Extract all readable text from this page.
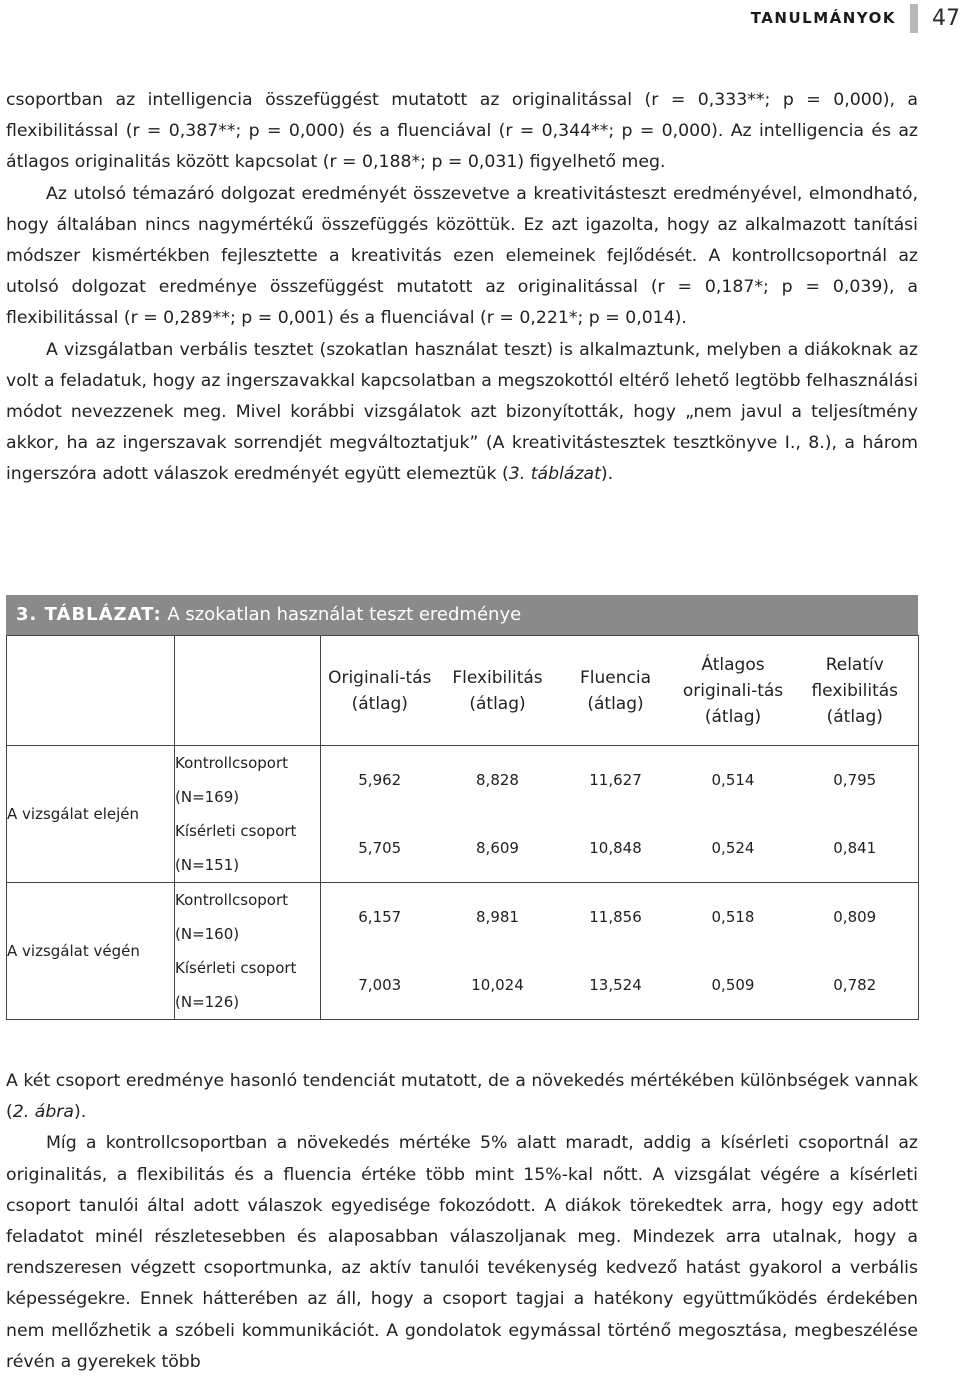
TANULMÁNYOK 47

csoportban az intelligencia összefüggést mutatott az originalitással (r = 0,333**; p = 0,000), a flexibilitással (r = 0,387**; p = 0,000) és a fluenciával (r = 0,344**; p = 0,000). Az intelligencia és az átlagos originalitás között kapcsolat (r = 0,188*; p = 0,031) figyelhető meg.

Az utolsó témazáró dolgozat eredményét összevetve a kreativitásteszt eredményével, elmondható, hogy általában nincs nagymértékű összefüggés közöttük. Ez azt igazolta, hogy az alkalmazott tanítási módszer kismértékben fejlesztette a kreativitás ezen elemeinek fejlődését. A kontrollcsoportnál az utolsó dolgozat eredménye összefüggést mutatott az originalitással (r = 0,187*; p = 0,039), a flexibilitással (r = 0,289**; p = 0,001) és a fluenciával (r = 0,221*; p = 0,014).

A vizsgálatban verbális tesztet (szokatlan használat teszt) is alkalmaztunk, melyben a diákoknak az volt a feladatuk, hogy az ingerszavakkal kapcsolatban a megszokottól eltérő lehető legtöbb felhasználási módot nevezzenek meg. Mivel korábbi vizsgálatok azt bizonyították, hogy „nem javul a teljesítmény akkor, ha az ingerszavak sorrendjét megváltoztatjuk” (A kreativitástesztek tesztkönyve I., 8.), a három ingerszóra adott válaszok eredményét együtt elemeztük (3. táblázat).

3. TÁBLÁZAT: A szokatlan használat teszt eredménye
		Originali-tás (átlag)	Flexibilitás (átlag)	Fluencia (átlag)	Átlagos originali-tás (átlag)	Relatív flexibilitás (átlag)
A vizsgálat elején	Kontrollcsoport (N=169)	5,962	8,828	11,627	0,514	0,795
	Kísérleti csoport (N=151)	5,705	8,609	10,848	0,524	0,841
A vizsgálat végén	Kontrollcsoport (N=160)	6,157	8,981	11,856	0,518	0,809
	Kísérleti csoport (N=126)	7,003	10,024	13,524	0,509	0,782

A két csoport eredménye hasonló tendenciát mutatott, de a növekedés mértékében különbségek vannak (2. ábra).

Míg a kontrollcsoportban a növekedés mértéke 5% alatt maradt, addig a kísérleti csoportnál az originalitás, a flexibilitás és a fluencia értéke több mint 15%-kal nőtt. A vizsgálat végére a kísérleti csoport tanulói által adott válaszok egyedisége fokozódott. A diákok törekedtek arra, hogy egy adott feladatot minél részletesebben és alaposabban válaszoljanak meg. Mindezek arra utalnak, hogy a rendszeresen végzett csoportmunka, az aktív tanulói tevékenység kedvező hatást gyakorol a verbális képességekre. Ennek hátterében az áll, hogy a csoport tagjai a hatékony együttműködés érdekében nem mellőzhetik a szóbeli kommunikációt. A gondolatok egymással történő megosztása, megbeszélése révén a gyerekek több
